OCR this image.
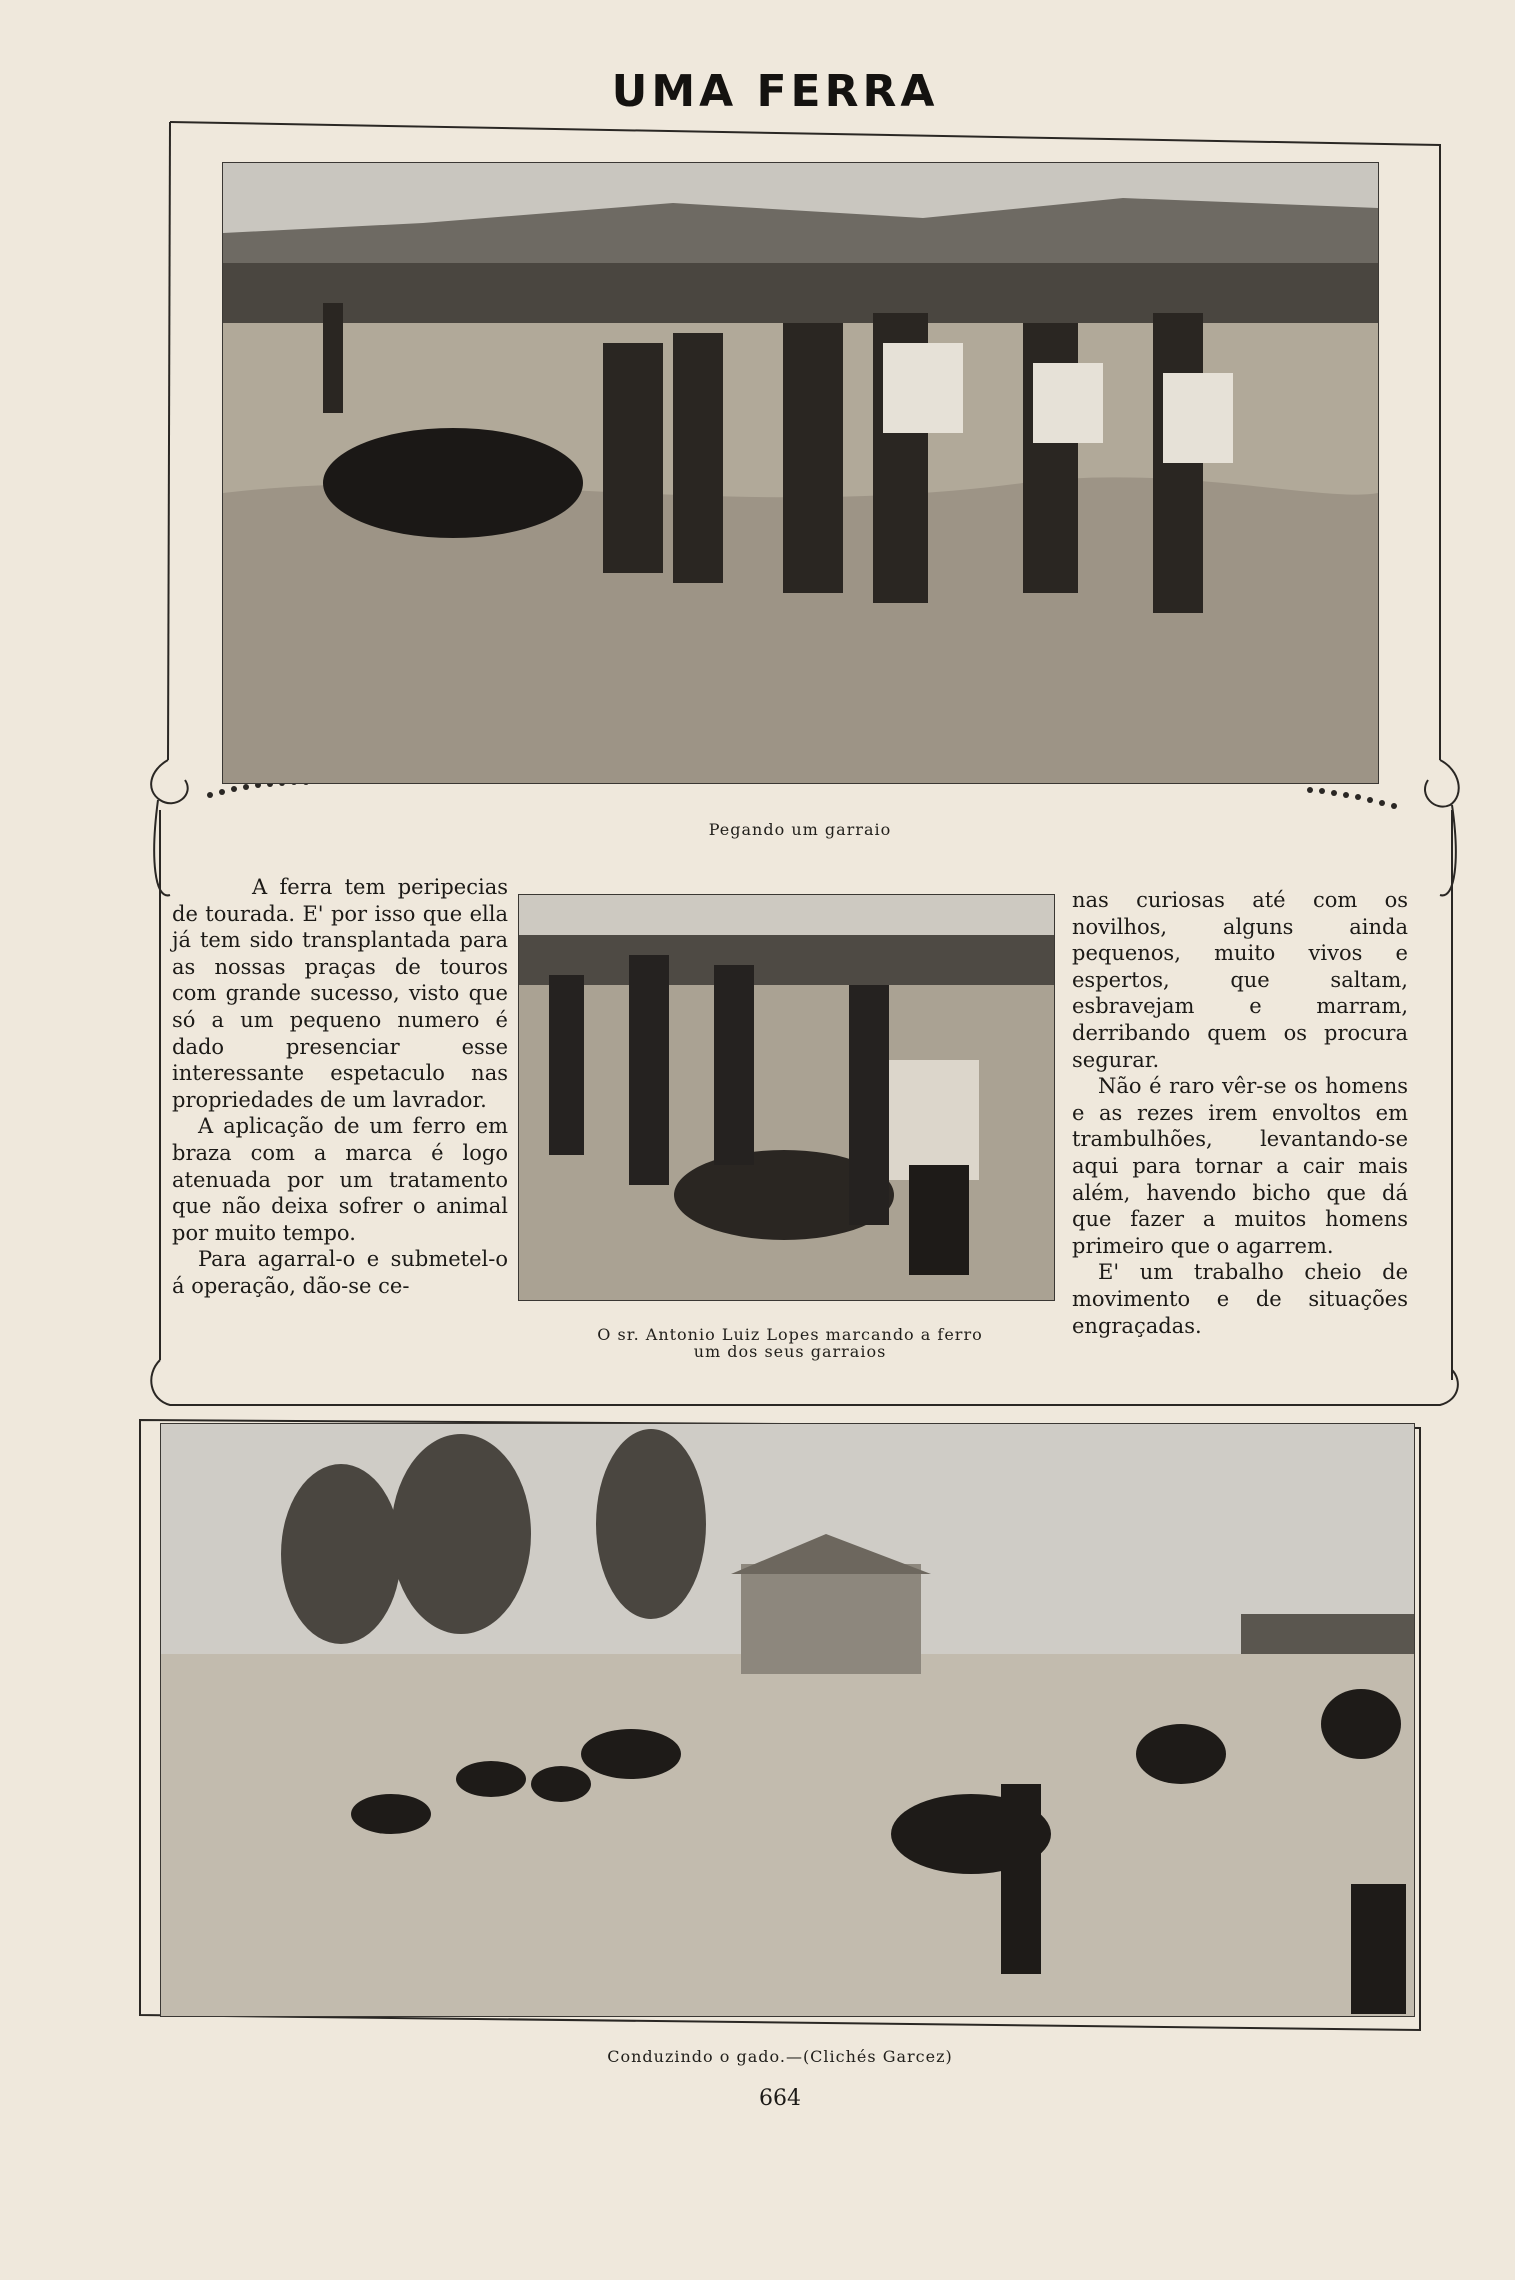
UMA FERRA
Pegando um garraio
O sr. Antonio Luiz Lopes marcando a ferro
um dos seus garraios

A ferra tem peripecias de tourada. E' por isso que ella já tem sido transplantada para as nossas praças de touros com grande sucesso, visto que só a um pequeno numero é dado presenciar esse interessante espetaculo nas propriedades de um lavrador.

A aplicação de um ferro em braza com a marca é logo atenuada por um tratamento que não deixa sofrer o animal por muito tempo.

Para agarral-o e submetel-o á operação, dão-se ce-

nas curiosas até com os novilhos, alguns ainda pequenos, muito vivos e espertos, que saltam, esbravejam e marram, derribando quem os procura segurar.

Não é raro vêr-se os homens e as rezes irem envoltos em trambulhões, levantando-se aqui para tornar a cair mais além, havendo bicho que dá que fazer a muitos homens primeiro que o agarrem.

E' um trabalho cheio de movimento e de situações engraçadas.

Conduzindo o gado.—(Clichés Garcez)
664
